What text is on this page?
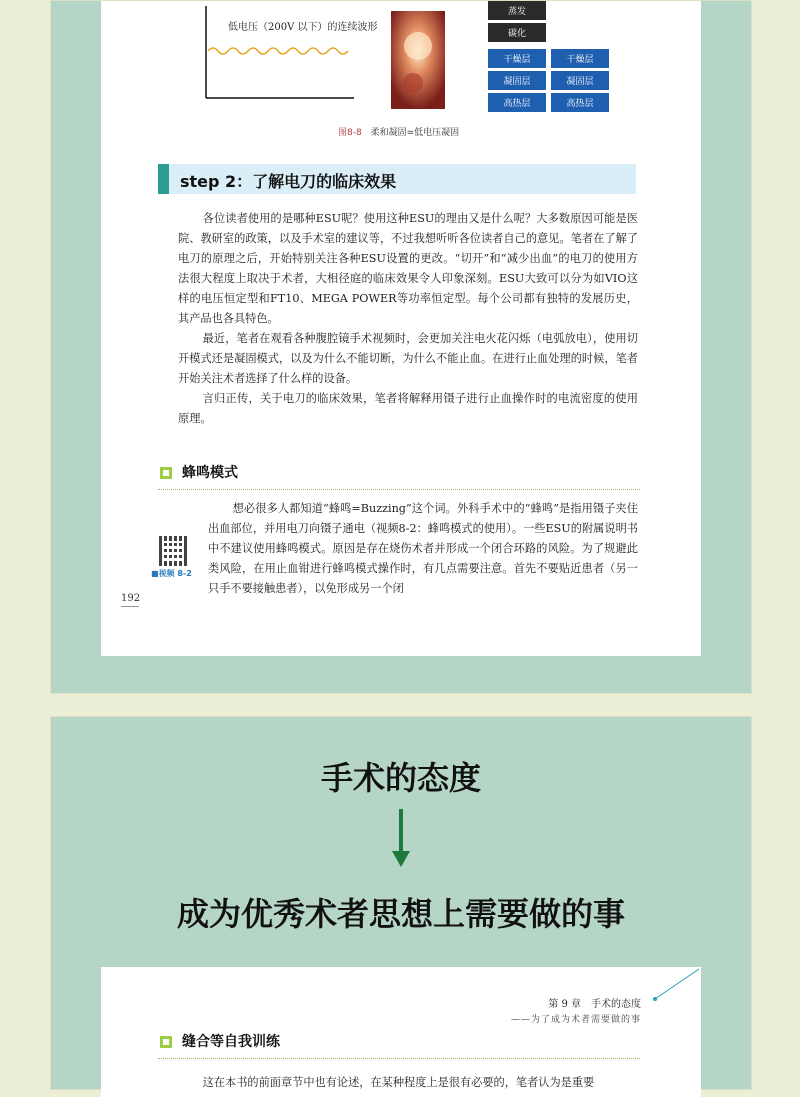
低电压（200V 以下）的连续波形
蒸发
碳化
干燥层	干燥层
凝固层	凝固层
高热层	高热层
图8-8 柔和凝固=低电压凝固
step 2：了解电刀的临床效果

各位读者使用的是哪种ESU呢？使用这种ESU的理由又是什么呢？大多数原因可能是医院、教研室的政策，以及手术室的建议等，不过我想听听各位读者自己的意见。笔者在了解了电刀的原理之后，开始特别关注各种ESU设置的更改。“切开”和“减少出血”的电刀的使用方法很大程度上取决于术者，大相径庭的临床效果令人印象深刻。ESU大致可以分为如VIO这样的电压恒定型和FT10、MEGA POWER等功率恒定型。每个公司都有独特的发展历史，其产品也各具特色。

最近，笔者在观看各种腹腔镜手术视频时，会更加关注电火花闪烁（电弧放电），使用切开模式还是凝固模式，以及为什么不能切断，为什么不能止血。在进行止血处理的时候，笔者开始关注术者选择了什么样的设备。

言归正传，关于电刀的临床效果，笔者将解释用镊子进行止血操作时的电流密度的使用原理。

蜂鸣模式

想必很多人都知道“蜂鸣=Buzzing”这个词。外科手术中的“蜂鸣”是指用镊子夹住出血部位，并用电刀向镊子通电（视频8-2：蜂鸣模式的使用）。一些ESU的附属说明书中不建议使用蜂鸣模式。原因是存在烧伤术者并形成一个闭合环路的风险。为了规避此类风险，在用止血钳进行蜂鸣模式操作时，有几点需要注意。首先不要贴近患者（另一只手不要接触患者），以免形成另一个闭

■视频 8-2
192
手术的态度
成为优秀术者思想上需要做的事
第 9 章　手术的态度
——为了成为术者需要做的事
缝合等自我训练

这在本书的前面章节中也有论述，在某种程度上是很有必要的，笔者认为是重要
